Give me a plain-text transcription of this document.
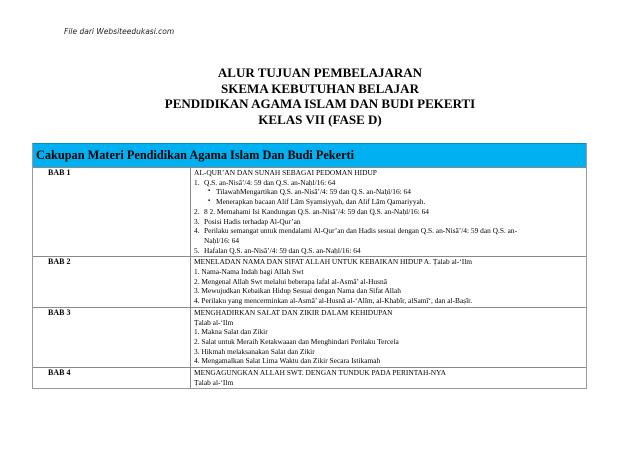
File dari Websiteedukasi.com
ALUR TUJUAN PEMBELAJARAN
SKEMA KEBUTUHAN BELAJAR
PENDIDIKAN AGAMA ISLAM DAN BUDI PEKERTI
KELAS VII (FASE D)
Cakupan Materi Pendidikan Agama Islam Dan Budi Pekerti
BAB 1	AL-QUR’AN DAN SUNAH SEBAGAI PEDOMAN HIDUP
1. Q.S. an-Nisā’/4: 59 dan Q.S. an-Naḥl/16: 64
▪ TilawahMengartikan Q.S. an-Nisā’/4: 59 dan Q.S. an-Naḥl/16: 64
▪ Menerapkan bacaan Alif Lām Syamsiyyah, dan Alif Lām Qamariyyah.
2. 8 2. Memahami Isi Kandungan Q.S. an-Nisā’/4: 59 dan Q.S. an-Naḥl/16: 64
3. Posisi Hadis terhadap Al-Qur’an
4. Perilaku semangat untuk mendalami Al-Qur’an dan Hadis sesuai dengan Q.S. an-Nisā’/4: 59 dan Q.S. an-
Naḥl/16: 64
5. Hafalan Q.S. an-Nisā’/4: 59 dan Q.S. an-Naḥl/16: 64
BAB 2	MENELADAN NAMA DAN SIFAT ALLAH UNTUK KEBAIKAN HIDUP A. Ṭalab al-‘Ilm
1. Nama-Nama Indah bagi Allah Swt
2. Mengenal Allah Swt melalui beberapa lafal al-Asmā’ al-Husnā
3. Mewujudkan Kebaikan Hidup Sesuai dengan Nama dan Sifat Allah
4. Perilaku yang mencerminkan al-Asmā’ al-Husnā al-‘Alīm, al-Khabīr, alSamī‘, dan al-Baṣīr.
BAB 3	MENGHADIRKAN SALAT DAN ZIKIR DALAM KEHIDUPAN
Ṭalab al-‘Ilm
1. Makna Salat dan Zikir
2. Salat untuk Meraih Ketakwaaan dan Menghindari Perilaku Tercela
3. Hikmah melaksanakan Salat dan Zikir
4. Mengamalkan Salat Lima Waktu dan Zikir Secara Istikamah
BAB 4	MENGAGUNGKAN ALLAH SWT. DENGAN TUNDUK PADA PERINTAH-NYA
Ṭalab al-‘Ilm
